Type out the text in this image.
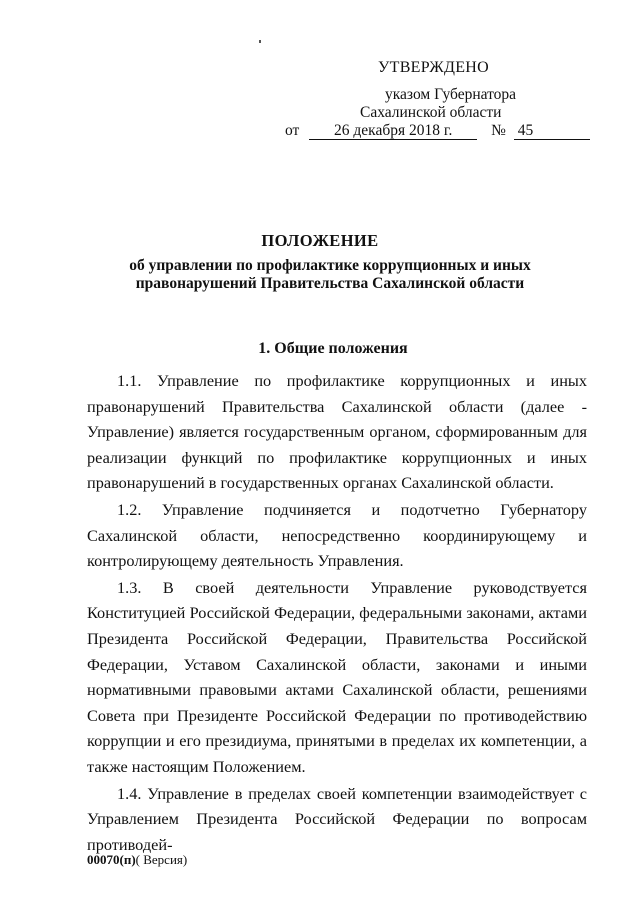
УТВЕРЖДЕНО
указом Губернатора
Сахалинской области
от 26 декабря 2018 г. № 45
ПОЛОЖЕНИЕ
об управлении по профилактике коррупционных и иных правонарушений Правительства Сахалинской области
1. Общие положения

1.1. Управление по профилактике коррупционных и иных правонарушений Правительства Сахалинской области (далее - Управление) является государственным органом, сформированным для реализации функций по профилактике коррупционных и иных правонарушений в государственных органах Сахалинской области.

1.2. Управление подчиняется и подотчетно Губернатору Сахалинской области, непосредственно координирующему и контролирующему деятельность Управления.

1.3. В своей деятельности Управление руководствуется Конституцией Российской Федерации, федеральными законами, актами Президента Российской Федерации, Правительства Российской Федерации, Уставом Сахалинской области, законами и иными нормативными правовыми актами Сахалинской области, решениями Совета при Президенте Российской Федерации по противодействию коррупции и его президиума, принятыми в пределах их компетенции, а также настоящим Положением.

1.4. Управление в пределах своей компетенции взаимодействует с Управлением Президента Российской Федерации по вопросам противодей-

00070(п)( Версия)
